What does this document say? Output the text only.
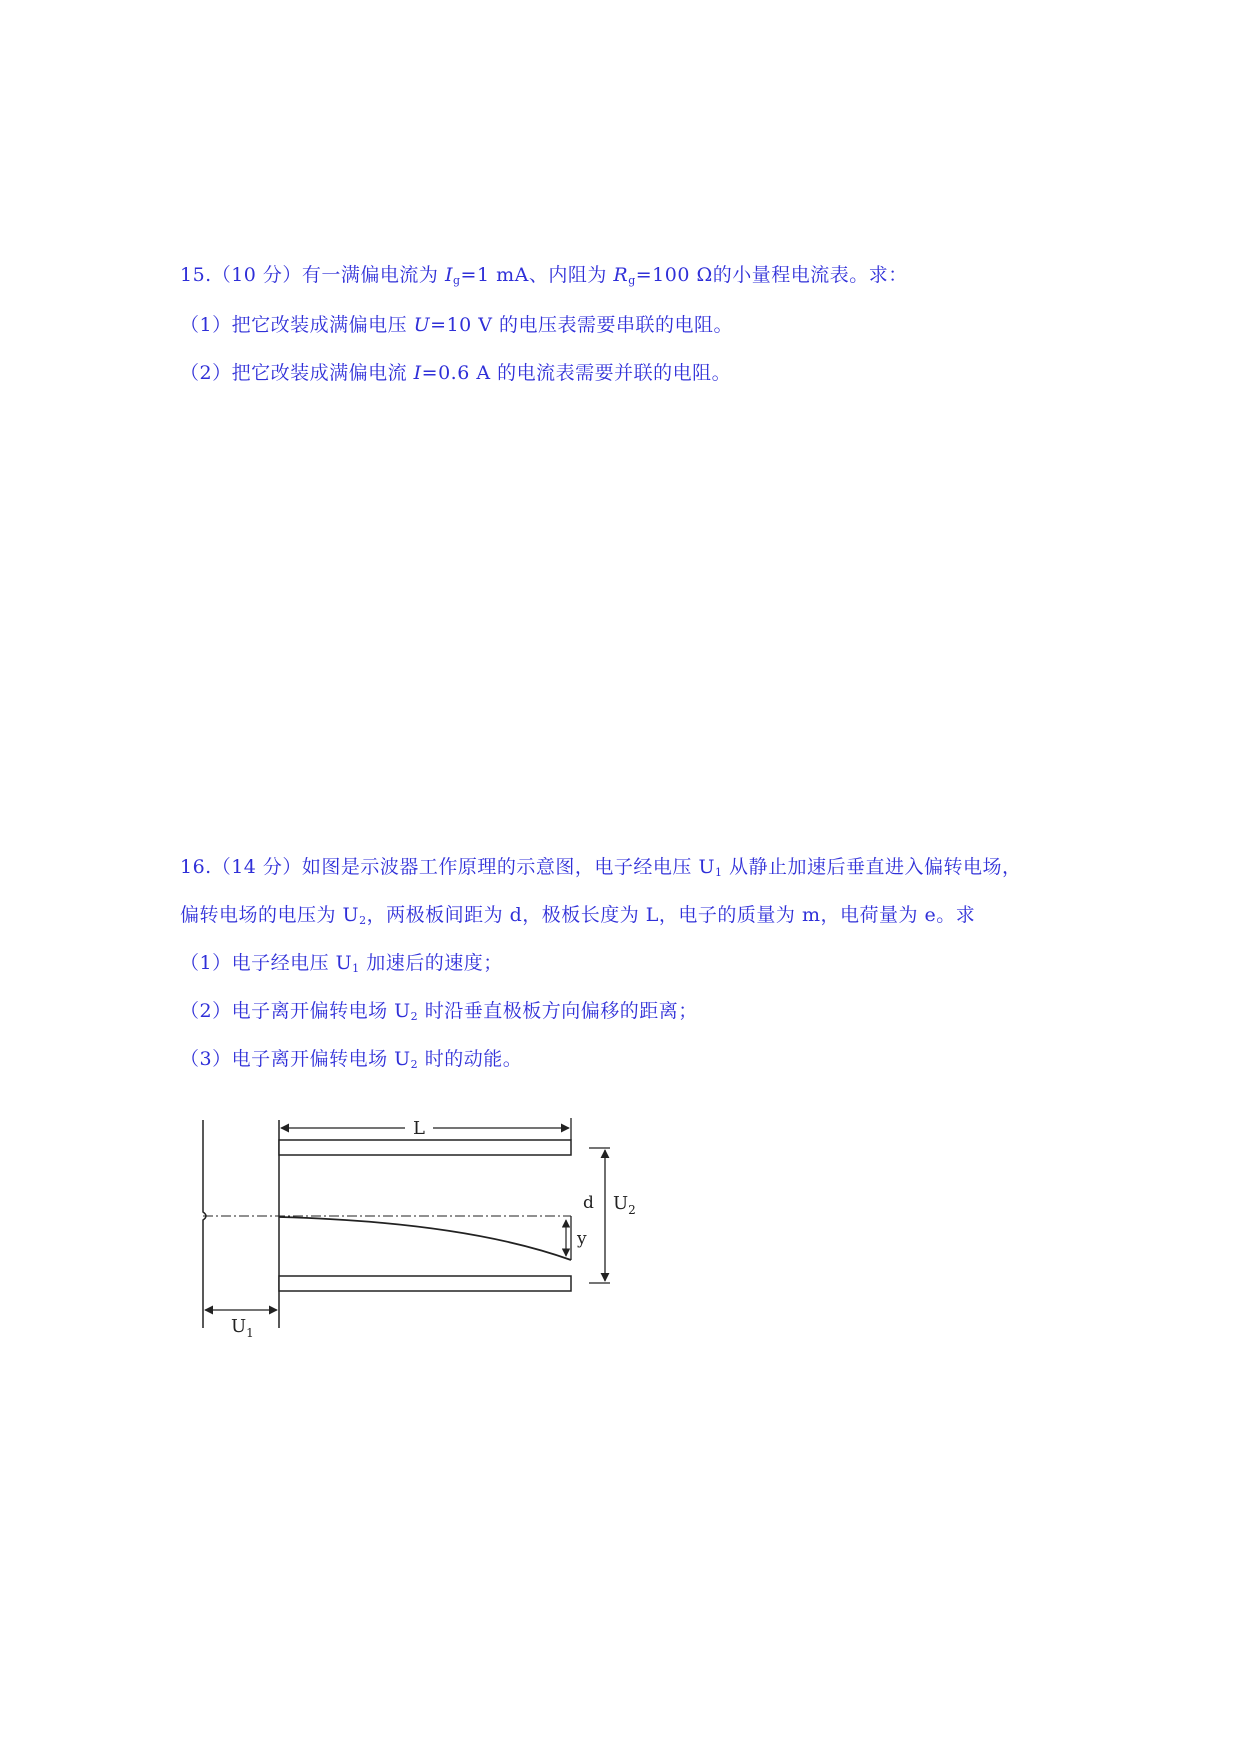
15.（10 分）有一满偏电流为 $I_g=1$ mA、内阻为 $R_g=100$ Ω的小量程电流表。求：
（1）把它改装成满偏电压 U=10 V 的电压表需要串联的电阻。
（2）把它改装成满偏电流 I=0.6 A 的电流表需要并联的电阻。
16.（14 分）如图是示波器工作原理的示意图，电子经电压 $U_1$ 从静止加速后垂直进入偏转电场，
偏转电场的电压为 $U_2$，两极板间距为 d，极板长度为 L，电子的质量为 m，电荷量为 e。求
（1）电子经电压 $U_1$ 加速后的速度；
（2）电子离开偏转电场 $U_2$ 时沿垂直极板方向偏移的距离；
（3）电子离开偏转电场 $U_2$ 时的动能。
L
y
d $U_2$
$U_1$
